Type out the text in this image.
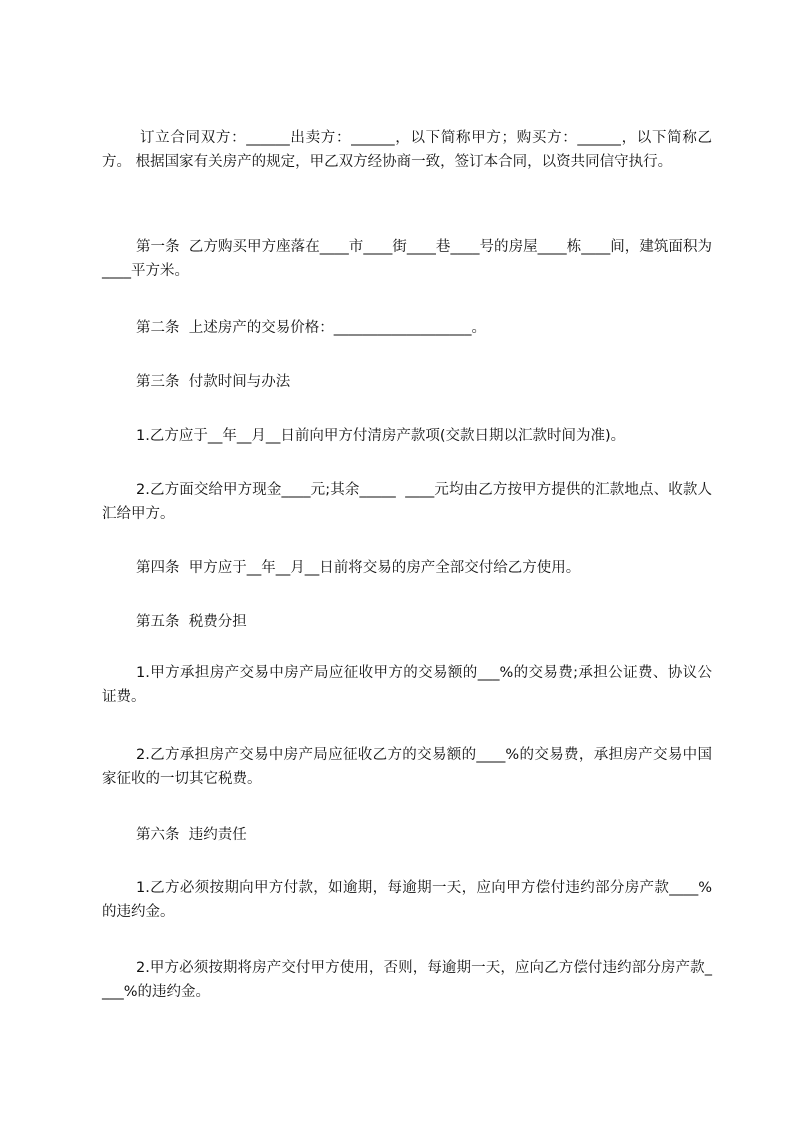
订立合同双方：______出卖方：______，以下简称甲方；购买方：______，以下简称乙方。 根据国家有关房产的规定，甲乙双方经协商一致，签订本合同，以资共同信守执行。

第一条  乙方购买甲方座落在____市____街____巷____号的房屋____栋____间，建筑面积为____平方米。

第二条  上述房产的交易价格：___________________。

第三条  付款时间与办法

1.乙方应于__年__月__日前向甲方付清房产款项(交款日期以汇款时间为准)。

2.乙方面交给甲方现金____元;其余_____  ____元均由乙方按甲方提供的汇款地点、收款人汇给甲方。

第四条  甲方应于__年__月__日前将交易的房产全部交付给乙方使用。

第五条  税费分担

1.甲方承担房产交易中房产局应征收甲方的交易额的___%的交易费;承担公证费、协议公证费。

2.乙方承担房产交易中房产局应征收乙方的交易额的____%的交易费，承担房产交易中国家征收的一切其它税费。

第六条  违约责任

1.乙方必须按期向甲方付款，如逾期，每逾期一天，应向甲方偿付违约部分房产款____%的违约金。

2.甲方必须按期将房产交付甲方使用，否则，每逾期一天，应向乙方偿付违约部分房产款____%的违约金。
